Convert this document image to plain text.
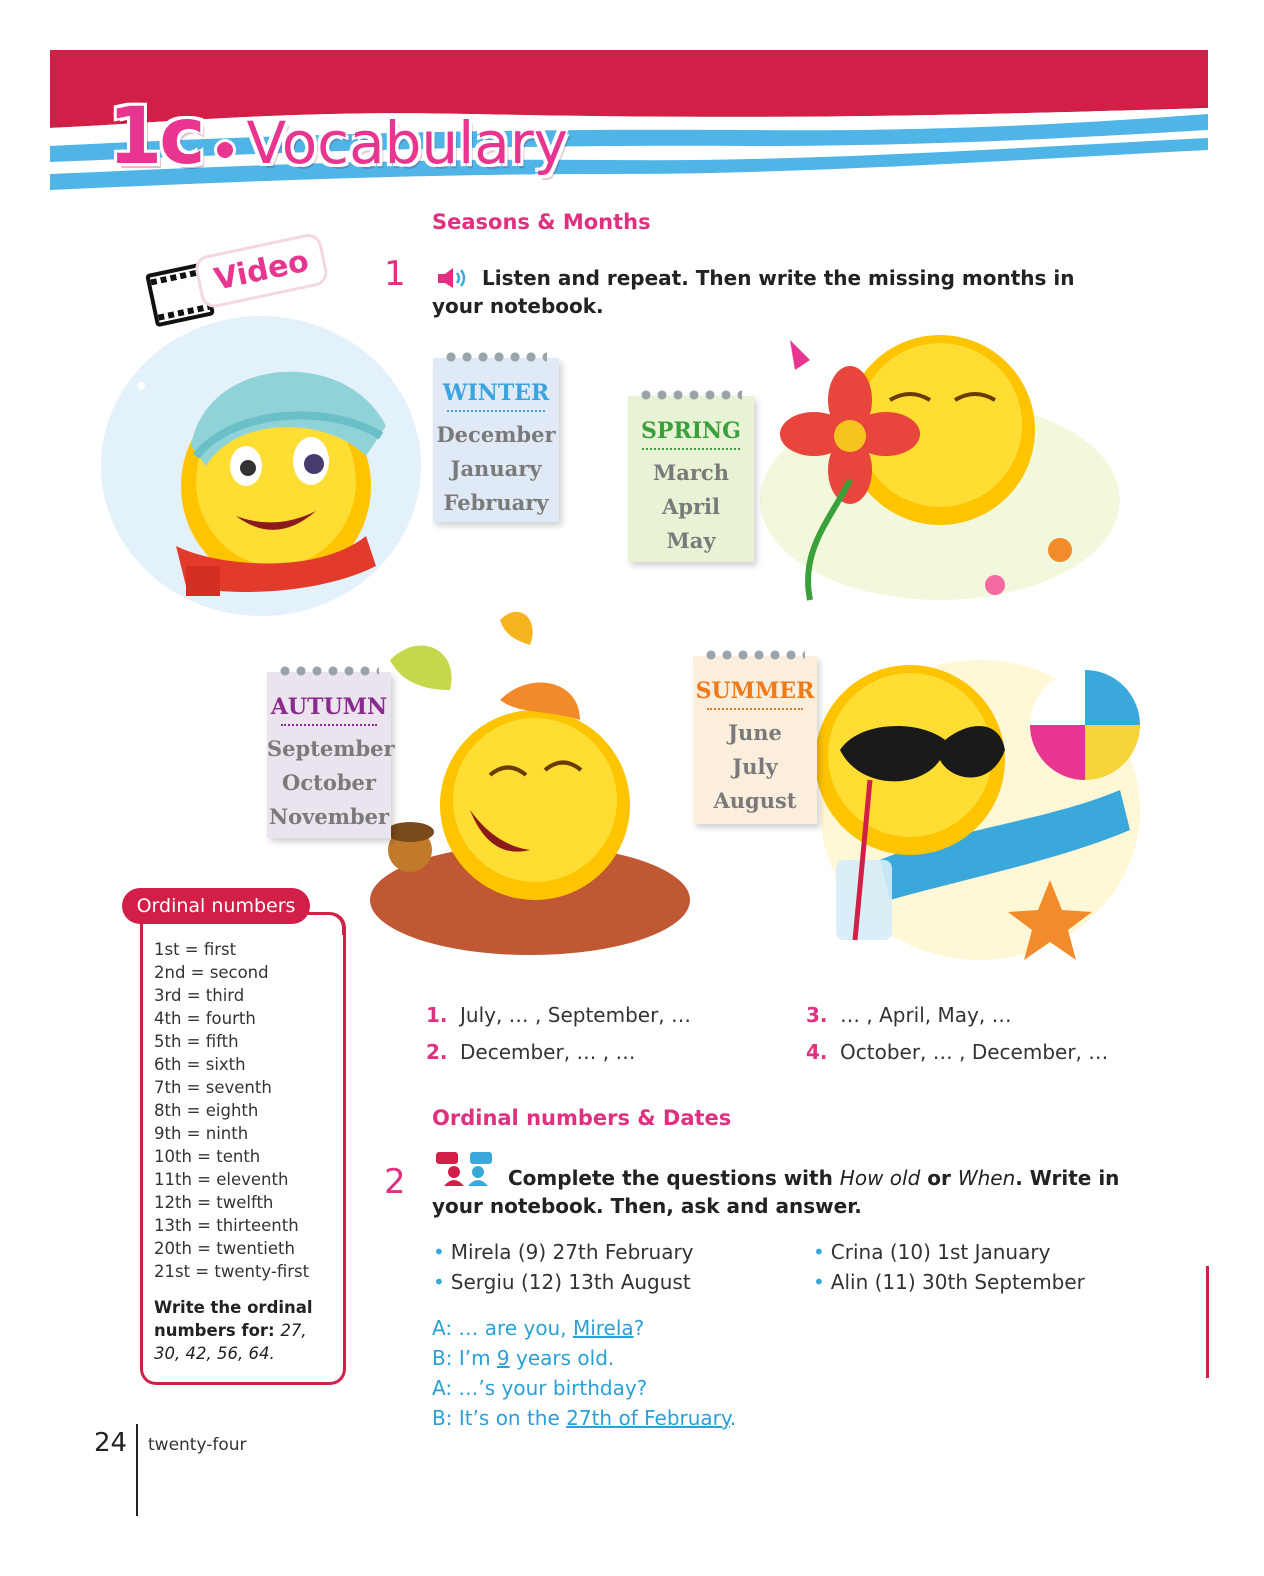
1c Vocabulary
Video
Seasons & Months
1	Listen and repeat. Then write the missing months in your notebook.
WINTER
December
January
February
SPRING
March
April
May
AUTUMN
September
October
November
SUMMER
June
July
August
1. July, … , September, …
2. December, … , …
3. … , April, May, …
4. October, … , December, …
Ordinal numbers
1st = first
2nd = second
3rd = third
4th = fourth
5th = fifth
6th = sixth
7th = seventh
8th = eighth
9th = ninth
10th = tenth
11th = eleventh
12th = twelfth
13th = thirteenth
20th = twentieth
21st = twenty-first
Write the ordinal numbers for: 27, 30, 42, 56, 64.
Ordinal numbers & Dates
2	Complete the questions with How old or When. Write in your notebook. Then, ask and answer.
• Mirela (9) 27th February	• Crina (10) 1st January
• Sergiu (12) 13th August	• Alin (11) 30th September
A: … are you, Mirela?
B: I’m 9 years old.
A: …’s your birthday?
B: It’s on the 27th of February.
24 twenty-four
